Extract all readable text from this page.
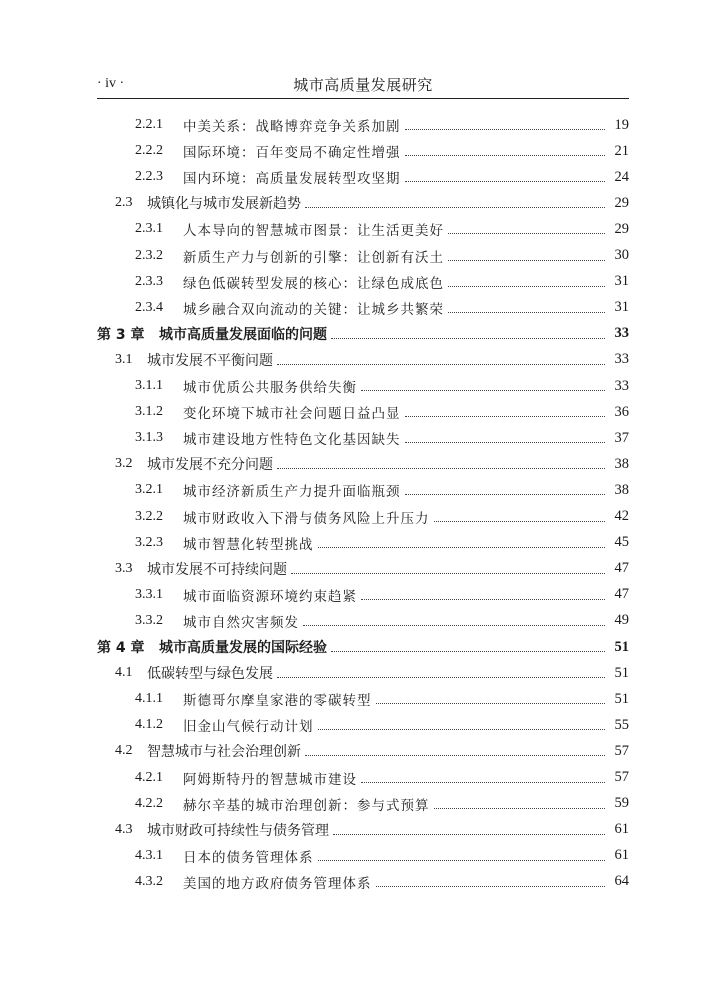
· iv ·	城市高质量发展研究
2.2.1	中美关系：战略博弈竞争关系加剧	19
2.2.2	国际环境：百年变局不确定性增强	21
2.2.3	国内环境：高质量发展转型攻坚期	24
2.3	城镇化与城市发展新趋势	29
2.3.1	人本导向的智慧城市图景：让生活更美好	29
2.3.2	新质生产力与创新的引擎：让创新有沃土	30
2.3.3	绿色低碳转型发展的核心：让绿色成底色	31
2.3.4	城乡融合双向流动的关键：让城乡共繁荣	31
第 3 章	城市高质量发展面临的问题	33
3.1	城市发展不平衡问题	33
3.1.1	城市优质公共服务供给失衡	33
3.1.2	变化环境下城市社会问题日益凸显	36
3.1.3	城市建设地方性特色文化基因缺失	37
3.2	城市发展不充分问题	38
3.2.1	城市经济新质生产力提升面临瓶颈	38
3.2.2	城市财政收入下滑与债务风险上升压力	42
3.2.3	城市智慧化转型挑战	45
3.3	城市发展不可持续问题	47
3.3.1	城市面临资源环境约束趋紧	47
3.3.2	城市自然灾害频发	49
第 4 章	城市高质量发展的国际经验	51
4.1	低碳转型与绿色发展	51
4.1.1	斯德哥尔摩皇家港的零碳转型	51
4.1.2	旧金山气候行动计划	55
4.2	智慧城市与社会治理创新	57
4.2.1	阿姆斯特丹的智慧城市建设	57
4.2.2	赫尔辛基的城市治理创新：参与式预算	59
4.3	城市财政可持续性与债务管理	61
4.3.1	日本的债务管理体系	61
4.3.2	美国的地方政府债务管理体系	64
